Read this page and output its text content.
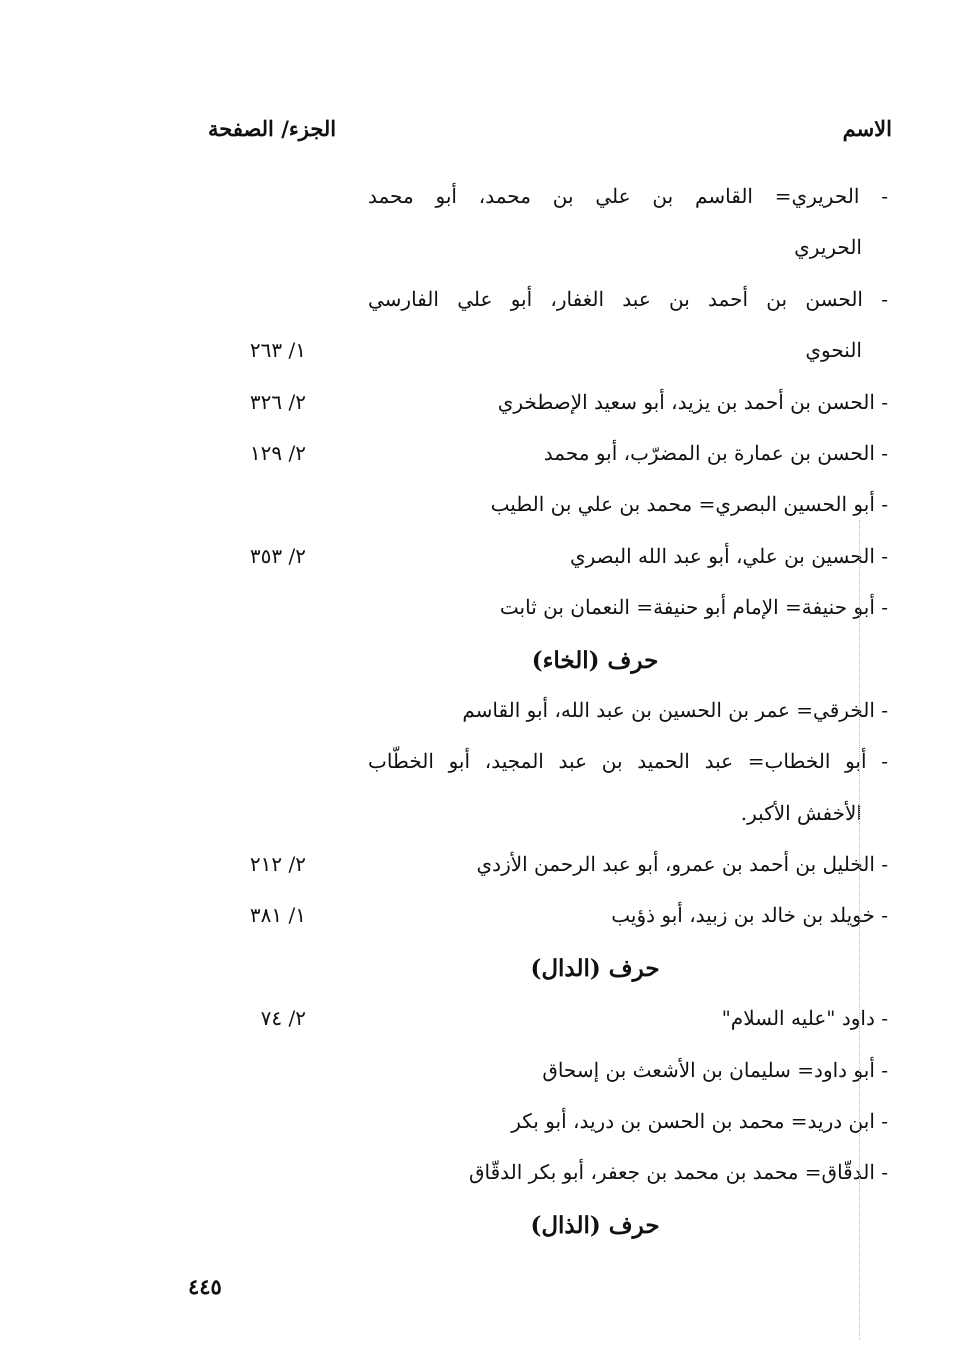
الاسم
الجزء/ الصفحة
- الحريري= القاسم بن علي بن محمد، أبو محمد
الحريري
- الحسن بن أحمد بن عبد الغفار، أبو علي الفارسي
النحوي
١/ ٢٦٣
- الحسن بن أحمد بن يزيد، أبو سعيد الإصطخري
٢/ ٣٢٦
- الحسن بن عمارة بن المضرّب، أبو محمد
٢/ ١٢٩
- أبو الحسين البصري= محمد بن علي بن الطيب
- الحسين بن علي، أبو عبد الله البصري
٢/ ٣٥٣
- أبو حنيفة= الإمام أبو حنيفة= النعمان بن ثابت
حرف (الخاء)
- الخرقي= عمر بن الحسين بن عبد الله، أبو القاسم
- أبو الخطاب= عبد الحميد بن عبد المجيد، أبو الخطّاب
الأخفش الأكبر.
- الخليل بن أحمد بن عمرو، أبو عبد الرحمن الأزدي
٢/ ٢١٢
- خويلد بن خالد بن زبيد، أبو ذؤيب
١/ ٣٨١
حرف (الدال)
- داود "عليه السلام"
٢/ ٧٤
- أبو داود= سليمان بن الأشعث بن إسحاق
- ابن دريد= محمد بن الحسن بن دريد، أبو بكر
- الدقّاق= محمد بن محمد بن جعفر، أبو بكر الدقّاق
حرف (الذال)
٤٤٥
